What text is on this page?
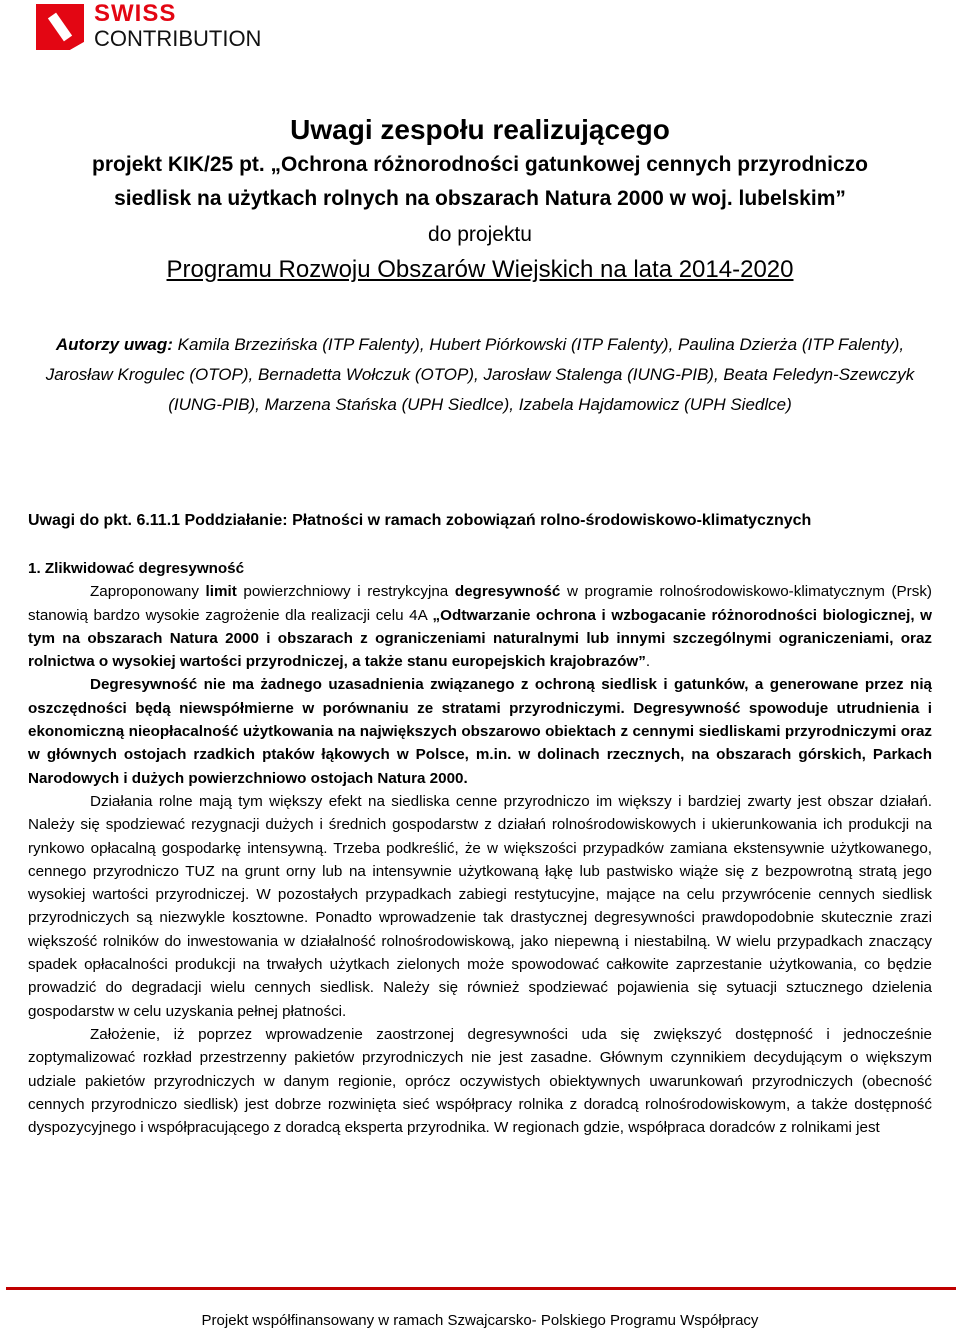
SWISS

CONTRIBUTION

Uwagi zespołu realizującego

projekt KIK/25 pt. „Ochrona różnorodności gatunkowej cennych przyrodniczo

siedlisk na użytkach rolnych na obszarach Natura 2000 w woj. lubelskim”

do projektu

Programu Rozwoju Obszarów Wiejskich na lata 2014-2020

Autorzy uwag: Kamila Brzezińska (ITP Falenty), Hubert Piórkowski (ITP Falenty), Paulina Dzierża (ITP Falenty), Jarosław Krogulec (OTOP), Bernadetta Wołczuk (OTOP), Jarosław Stalenga (IUNG-PIB), Beata Feledyn-Szewczyk (IUNG-PIB), Marzena Stańska (UPH Siedlce), Izabela Hajdamowicz (UPH Siedlce)

Uwagi do pkt. 6.11.1 Poddziałanie: Płatności w ramach zobowiązań rolno-środowiskowo-klimatycznych

1. Zlikwidować degresywność

Zaproponowany limit powierzchniowy i restrykcyjna degresywność w programie rolnośrodowiskowo-klimatycznym (Prsk) stanowią bardzo wysokie zagrożenie dla realizacji celu 4A „Odtwarzanie ochrona i wzbogacanie różnorodności biologicznej, w tym na obszarach Natura 2000 i obszarach z ograniczeniami naturalnymi lub innymi szczególnymi ograniczeniami, oraz rolnictwa o wysokiej wartości przyrodniczej, a także stanu europejskich krajobrazów”.

Degresywność nie ma żadnego uzasadnienia związanego z ochroną siedlisk i gatunków, a generowane przez nią oszczędności będą niewspółmierne w porównaniu ze stratami przyrodniczymi. Degresywność spowoduje utrudnienia i ekonomiczną nieopłacalność użytkowania na największych obszarowo obiektach z cennymi siedliskami przyrodniczymi oraz w głównych ostojach rzadkich ptaków łąkowych w Polsce, m.in. w dolinach rzecznych, na obszarach górskich, Parkach Narodowych i dużych powierzchniowo ostojach Natura 2000.

Działania rolne mają tym większy efekt na siedliska cenne przyrodniczo im większy i bardziej zwarty jest obszar działań. Należy się spodziewać rezygnacji dużych i średnich gospodarstw z działań rolnośrodowiskowych i ukierunkowania ich produkcji na rynkowo opłacalną gospodarkę intensywną. Trzeba podkreślić, że w większości przypadków zamiana ekstensywnie użytkowanego, cennego przyrodniczo TUZ na grunt orny lub na intensywnie użytkowaną łąkę lub pastwisko wiąże się z bezpowrotną stratą jego wysokiej wartości przyrodniczej. W pozostałych przypadkach zabiegi restytucyjne, mające na celu przywrócenie cennych siedlisk przyrodniczych są niezwykle kosztowne. Ponadto wprowadzenie tak drastycznej degresywności prawdopodobnie skutecznie zrazi większość rolników do inwestowania w działalność rolnośrodowiskową, jako niepewną i niestabilną. W wielu przypadkach znaczący spadek opłacalności produkcji na trwałych użytkach zielonych może spowodować całkowite zaprzestanie użytkowania, co będzie prowadzić do degradacji wielu cennych siedlisk. Należy się również spodziewać pojawienia się sytuacji sztucznego dzielenia gospodarstw w celu uzyskania pełnej płatności.

Założenie, iż poprzez wprowadzenie zaostrzonej degresywności uda się zwiększyć dostępność i jednocześnie zoptymalizować rozkład przestrzenny pakietów przyrodniczych nie jest zasadne. Głównym czynnikiem decydującym o większym udziale pakietów przyrodniczych w danym regionie, oprócz oczywistych obiektywnych uwarunkowań przyrodniczych (obecność cennych przyrodniczo siedlisk) jest dobrze rozwinięta sieć współpracy rolnika z doradcą rolnośrodowiskowym, a także dostępność dyspozycyjnego i współpracującego z doradcą eksperta przyrodnika. W regionach gdzie, współpraca doradców z rolnikami jest

Projekt współfinansowany w ramach Szwajcarsko- Polskiego Programu Współpracy
